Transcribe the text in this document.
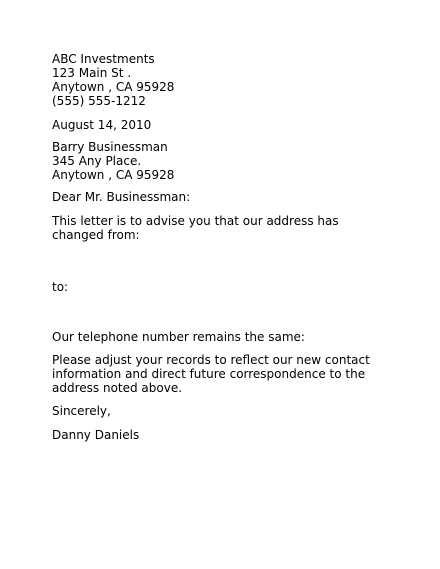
ABC Investments
123 Main St .
Anytown , CA 95928
(555) 555-1212
August 14, 2010
Barry Businessman
345 Any Place.
Anytown , CA 95928
Dear Mr. Businessman:
This letter is to advise you that our address has changed from:
to:
Our telephone number remains the same:
Please adjust your records to reflect our new contact information and direct future correspondence to the address noted above.
Sincerely,
Danny Daniels
